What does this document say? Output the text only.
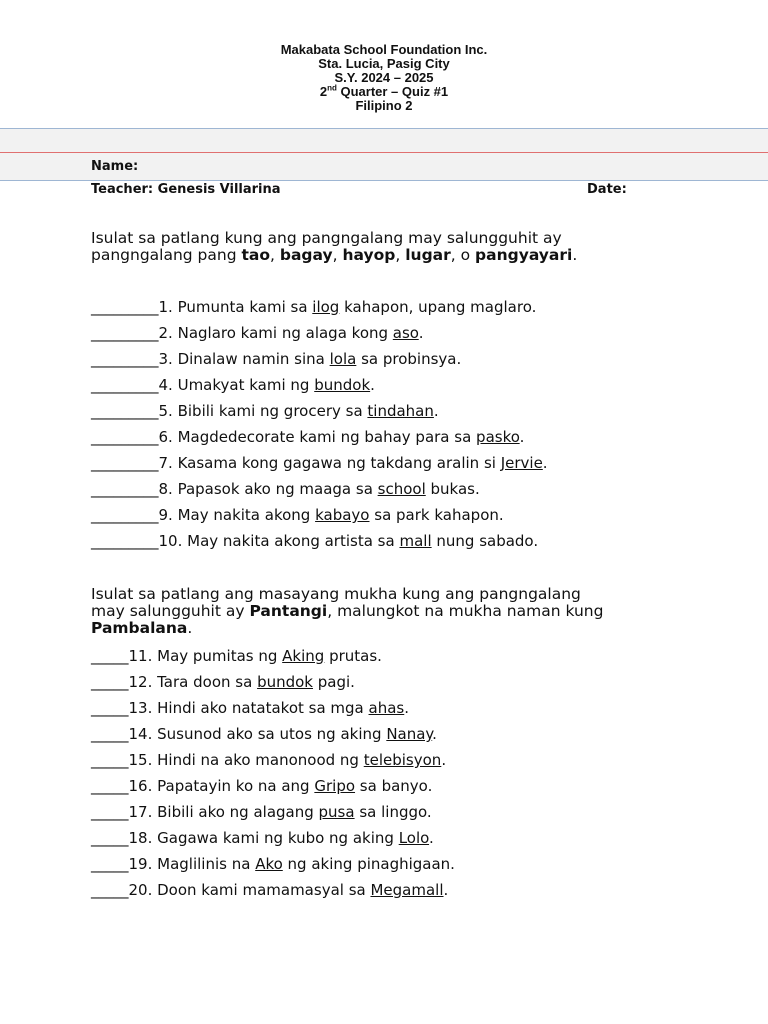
Makabata School Foundation Inc.
Sta. Lucia, Pasig City
S.Y. 2024 – 2025
2nd Quarter – Quiz #1
Filipino 2
Name:
Teacher: Genesis Villarina	Date:
Isulat sa patlang kung ang pangngalang may salungguhit ay
pangngalang pang tao, bagay, hayop, lugar, o pangyayari.
_________1. Pumunta kami sa ilog kahapon, upang maglaro.
_________2. Naglaro kami ng alaga kong aso.
_________3. Dinalaw namin sina lola sa probinsya.
_________4. Umakyat kami ng bundok.
_________5. Bibili kami ng grocery sa tindahan.
_________6. Magdedecorate kami ng bahay para sa pasko.
_________7. Kasama kong gagawa ng takdang aralin si Jervie.
_________8. Papasok ako ng maaga sa school bukas.
_________9. May nakita akong kabayo sa park kahapon.
_________10. May nakita akong artista sa mall nung sabado.
Isulat sa patlang ang masayang mukha kung ang pangngalang
may salungguhit ay Pantangi, malungkot na mukha naman kung
Pambalana.
_____11. May pumitas ng Aking prutas.
_____12. Tara doon sa bundok pagi.
_____13. Hindi ako natatakot sa mga ahas.
_____14. Susunod ako sa utos ng aking Nanay.
_____15. Hindi na ako manonood ng telebisyon.
_____16. Papatayin ko na ang Gripo sa banyo.
_____17. Bibili ako ng alagang pusa sa linggo.
_____18. Gagawa kami ng kubo ng aking Lolo.
_____19. Maglilinis na Ako ng aking pinaghigaan.
_____20. Doon kami mamamasyal sa Megamall.
